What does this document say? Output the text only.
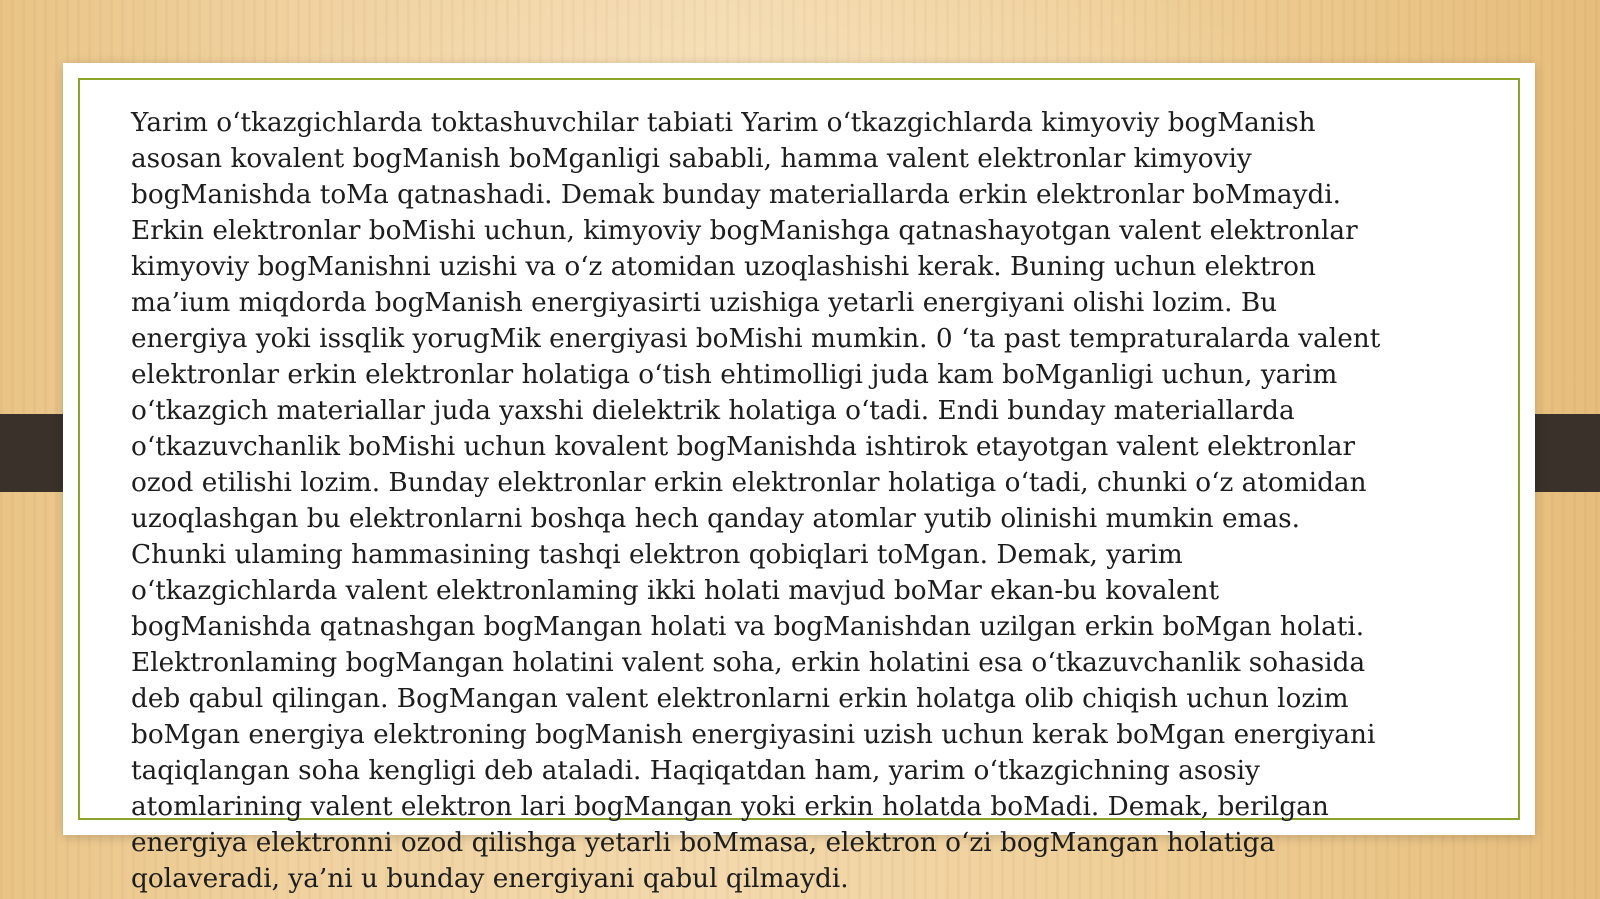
Yarim o‘tkazgichlarda toktashuvchilar tabiati Yarim o‘tkazgichlarda kimyoviy bogManish
asosan kovalent bogManish boMganligi sababli, hamma valent elektronlar kimyoviy
bogManishda toMa qatnashadi. Demak bunday materiallarda erkin elektronlar boMmaydi.
Erkin elektronlar boMishi uchun, kimyoviy bogManishga qatnashayotgan valent elektronlar
kimyoviy bogManishni uzishi va o‘z atomidan uzoqlashishi kerak. Buning uchun elektron
ma’ium miqdorda bogManish energiyasirti uzishiga yetarli energiyani olishi lozim. Bu
energiya yoki issqlik yorugMik energiyasi boMishi mumkin. 0 ‘ta past tempraturalarda valent
elektronlar erkin elektronlar holatiga o‘tish ehtimolligi juda kam boMganligi uchun, yarim
o‘tkazgich materiallar juda yaxshi dielektrik holatiga o‘tadi. Endi bunday materiallarda
o‘tkazuvchanlik boMishi uchun kovalent bogManishda ishtirok etayotgan valent elektronlar
ozod etilishi lozim. Bunday elektronlar erkin elektronlar holatiga o‘tadi, chunki o‘z atomidan
uzoqlashgan bu elektronlarni boshqa hech qanday atomlar yutib olinishi mumkin emas.
Chunki ulaming hammasining tashqi elektron qobiqlari toMgan. Demak, yarim
o‘tkazgichlarda valent elektronlaming ikki holati mavjud boMar ekan-bu kovalent
bogManishda qatnashgan bogMangan holati va bogManishdan uzilgan erkin boMgan holati.
Elektronlaming bogMangan holatini valent soha, erkin holatini esa o‘tkazuvchanlik sohasida
deb qabul qilingan. BogMangan valent elektronlarni erkin holatga olib chiqish uchun lozim
boMgan energiya elektroning bogManish energiyasini uzish uchun kerak boMgan energiyani
taqiqlangan soha kengligi deb ataladi. Haqiqatdan ham, yarim o‘tkazgichning asosiy
atomlarining valent elektron lari bogMangan yoki erkin holatda boMadi. Demak, berilgan
energiya elektronni ozod qilishga yetarli boMmasa, elektron o‘zi bogMangan holatiga
qolaveradi, ya’ni u bunday energiyani qabul qilmaydi.
